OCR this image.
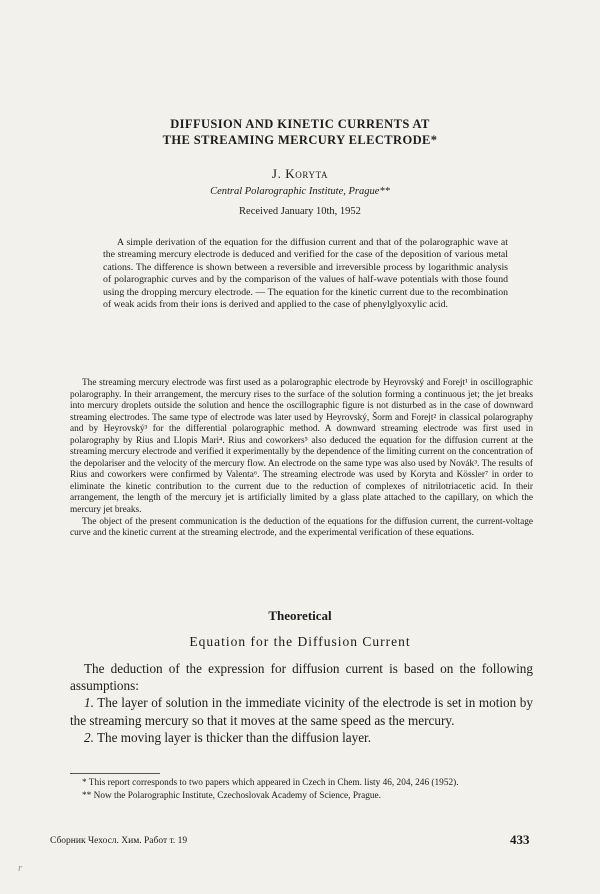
DIFFUSION AND KINETIC CURRENTS AT
THE STREAMING MERCURY ELECTRODE*
J. Koryta
Central Polarographic Institute, Prague**
Received January 10th, 1952
A simple derivation of the equation for the diffusion current and that of the polarographic wave at the streaming mercury electrode is deduced and verified for the case of the deposition of various metal cations. The difference is shown between a reversible and irreversible process by logarithmic analysis of polarographic curves and by the comparison of the values of half-wave potentials with those found using the dropping mercury electrode. — The equation for the kinetic current due to the recombination of weak acids from their ions is derived and applied to the case of phenylglyoxylic acid.

The streaming mercury electrode was first used as a polarographic electrode by Heyrovský and Forejt¹ in oscillographic polarography. In their arrangement, the mercury rises to the surface of the solution forming a continuous jet; the jet breaks into mercury droplets outside the solution and hence the oscillographic figure is not disturbed as in the case of downward streaming electrodes. The same type of electrode was later used by Heyrovský, Šorm and Forejt² in classical polarography and by Heyrovský³ for the differential polarographic method. A downward streaming electrode was first used in polarography by Rius and Llopis Mari⁴. Rius and coworkers⁵ also deduced the equation for the diffusion current at the streaming mercury electrode and verified it experimentally by the dependence of the limiting current on the concentration of the depolariser and the velocity of the mercury flow. An electrode on the same type was also used by Novák³. The results of Rius and coworkers were confirmed by Valenta⁶. The streaming electrode was used by Koryta and Kössler⁷ in order to eliminate the kinetic contribution to the current due to the reduction of complexes of nitrilotriacetic acid. In their arrangement, the length of the mercury jet is artificially limited by a glass plate attached to the capillary, on which the mercury jet breaks.

The object of the present communication is the deduction of the equations for the diffusion current, the current-voltage curve and the kinetic current at the streaming electrode, and the experimental verification of these equations.

Theoretical
Equation for the Diffusion Current

The deduction of the expression for diffusion current is based on the following assumptions:

1. The layer of solution in the immediate vicinity of the electrode is set in motion by the streaming mercury so that it moves at the same speed as the mercury.

2. The moving layer is thicker than the diffusion layer.

* This report corresponds to two papers which appeared in Czech in Chem. listy 46, 204, 246 (1952).

** Now the Polarographic Institute, Czechoslovak Academy of Science, Prague.

Сборник Чехосл. Хим. Работ т. 19	433
r
